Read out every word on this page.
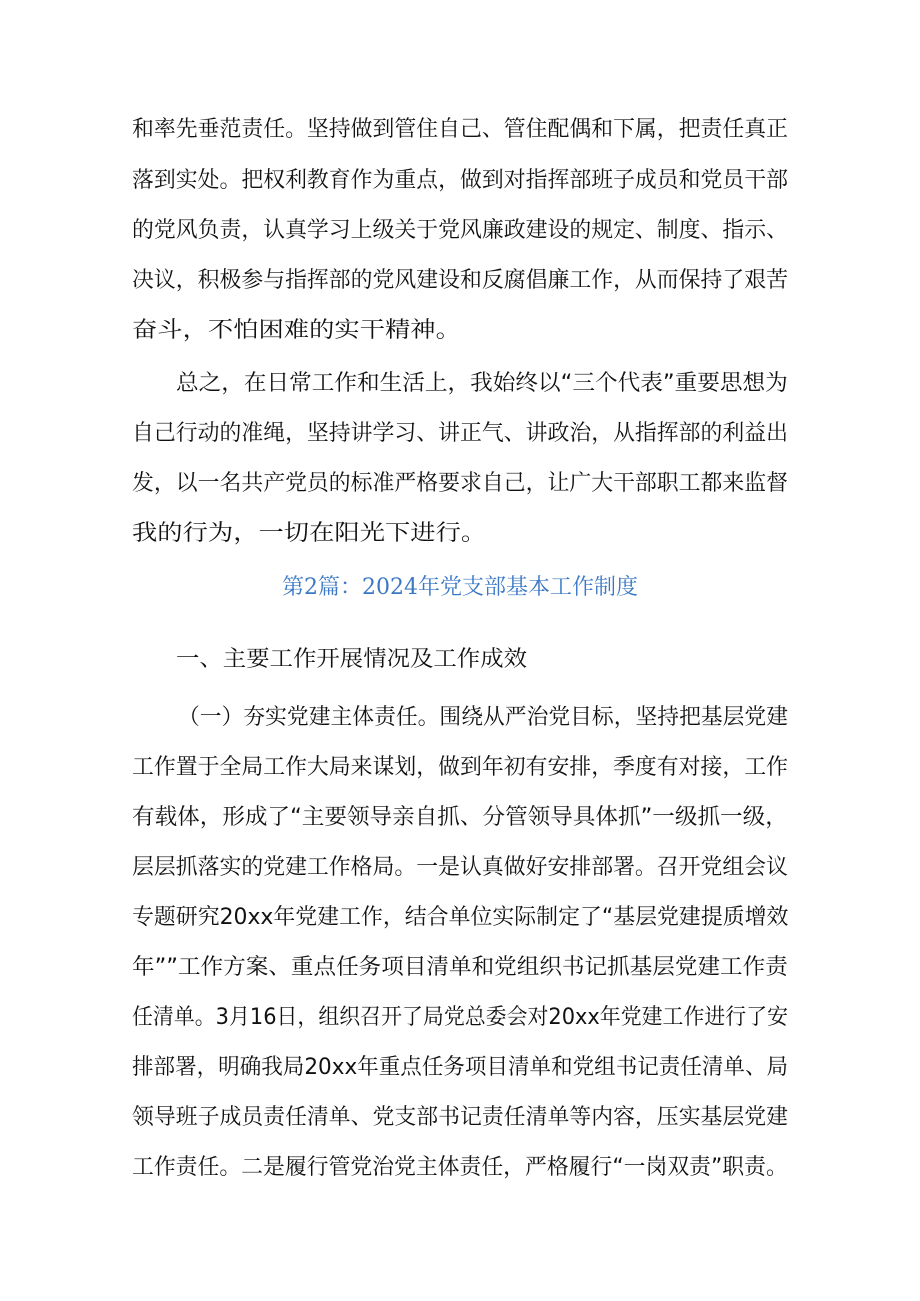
和率先垂范责任。坚持做到管住自己、管住配偶和下属，把责任真正
落到实处。把权利教育作为重点，做到对指挥部班子成员和党员干部
的党风负责，认真学习上级关于党风廉政建设的规定、制度、指示、
决议，积极参与指挥部的党风建设和反腐倡廉工作，从而保持了艰苦
奋斗，不怕困难的实干精神。
总之，在日常工作和生活上，我始终以“三个代表”重要思想为
自己行动的准绳，坚持讲学习、讲正气、讲政治，从指挥部的利益出
发，以一名共产党员的标准严格要求自己，让广大干部职工都来监督
我的行为，一切在阳光下进行。
第2篇：2024年党支部基本工作制度
一、主要工作开展情况及工作成效
（一）夯实党建主体责任。围绕从严治党目标，坚持把基层党建
工作置于全局工作大局来谋划，做到年初有安排，季度有对接，工作
有载体，形成了“主要领导亲自抓、分管领导具体抓”一级抓一级，
层层抓落实的党建工作格局。一是认真做好安排部署。召开党组会议
专题研究20xx年党建工作，结合单位实际制定了“基层党建提质增效
年””工作方案、重点任务项目清单和党组织书记抓基层党建工作责
任清单。3月16日，组织召开了局党总委会对20xx年党建工作进行了安
排部署，明确我局20xx年重点任务项目清单和党组书记责任清单、局
领导班子成员责任清单、党支部书记责任清单等内容，压实基层党建
工作责任。二是履行管党治党主体责任，严格履行“一岗双责”职责。
